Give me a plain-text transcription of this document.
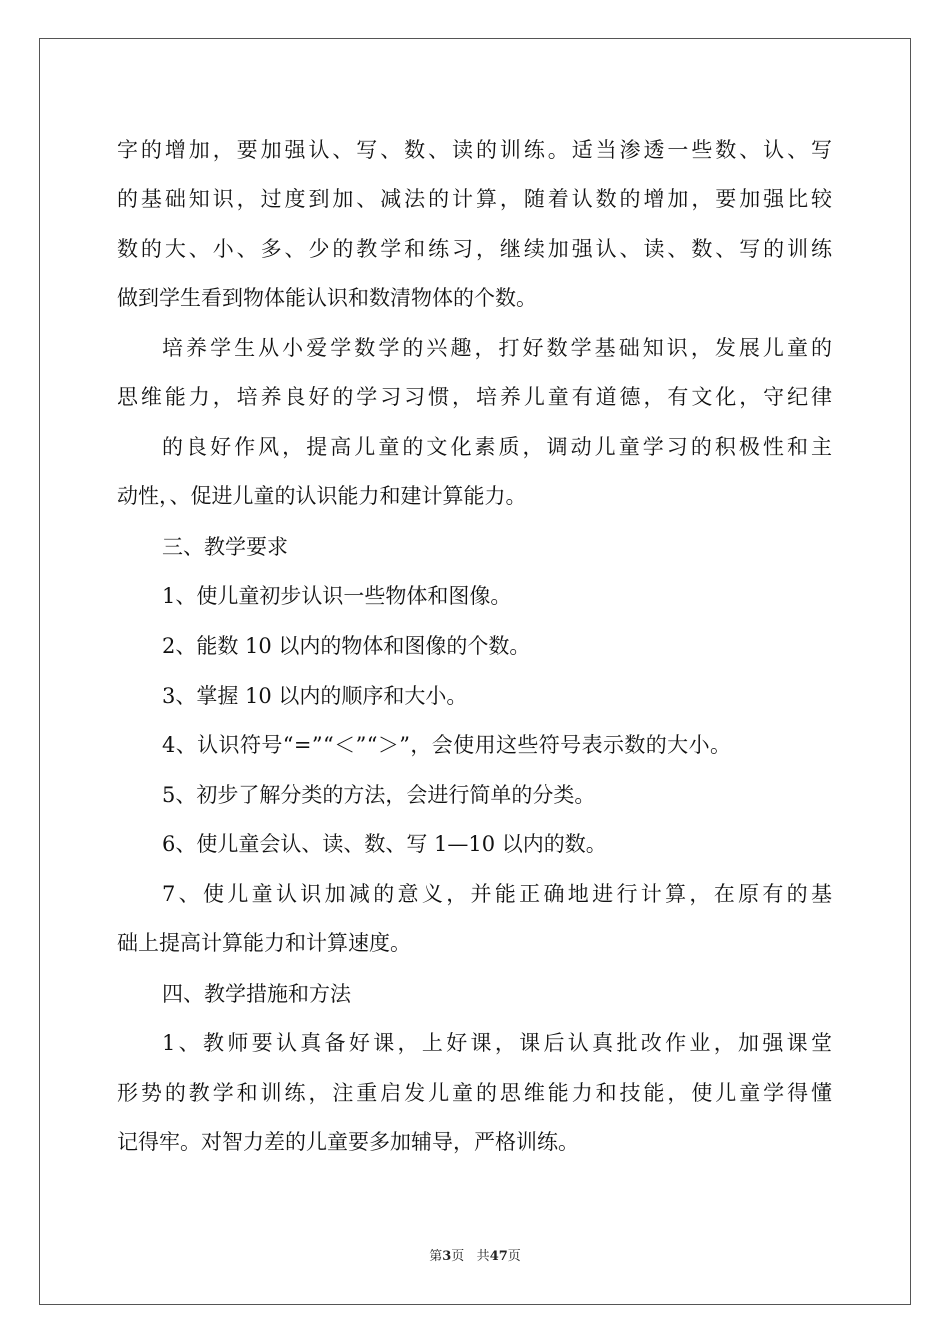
字的增加，要加强认、写、数、读的训练。适当渗透一些数、认、写
的基础知识，过度到加、减法的计算，随着认数的增加，要加强比较
数的大、小、多、少的教学和练习，继续加强认、读、数、写的训练
做到学生看到物体能认识和数清物体的个数。
培养学生从小爱学数学的兴趣，打好数学基础知识，发展儿童的
思维能力，培养良好的学习习惯，培养儿童有道德，有文化，守纪律
的良好作风，提高儿童的文化素质，调动儿童学习的积极性和主
动性，、促进儿童的认识能力和建计算能力。
三、教学要求
1、使儿童初步认识一些物体和图像。
2、能数 10 以内的物体和图像的个数。
3、掌握 10 以内的顺序和大小。
4、认识符号“=”“＜”“＞”，会使用这些符号表示数的大小。
5、初步了解分类的方法，会进行简单的分类。
6、使儿童会认、读、数、写 1—10 以内的数。
7、使儿童认识加减的意义，并能正确地进行计算，在原有的基
础上提高计算能力和计算速度。
四、教学措施和方法
1、教师要认真备好课，上好课，课后认真批改作业，加强课堂
形势的教学和训练，注重启发儿童的思维能力和技能，使儿童学得懂
记得牢。对智力差的儿童要多加辅导，严格训练。
第3页 共47页
